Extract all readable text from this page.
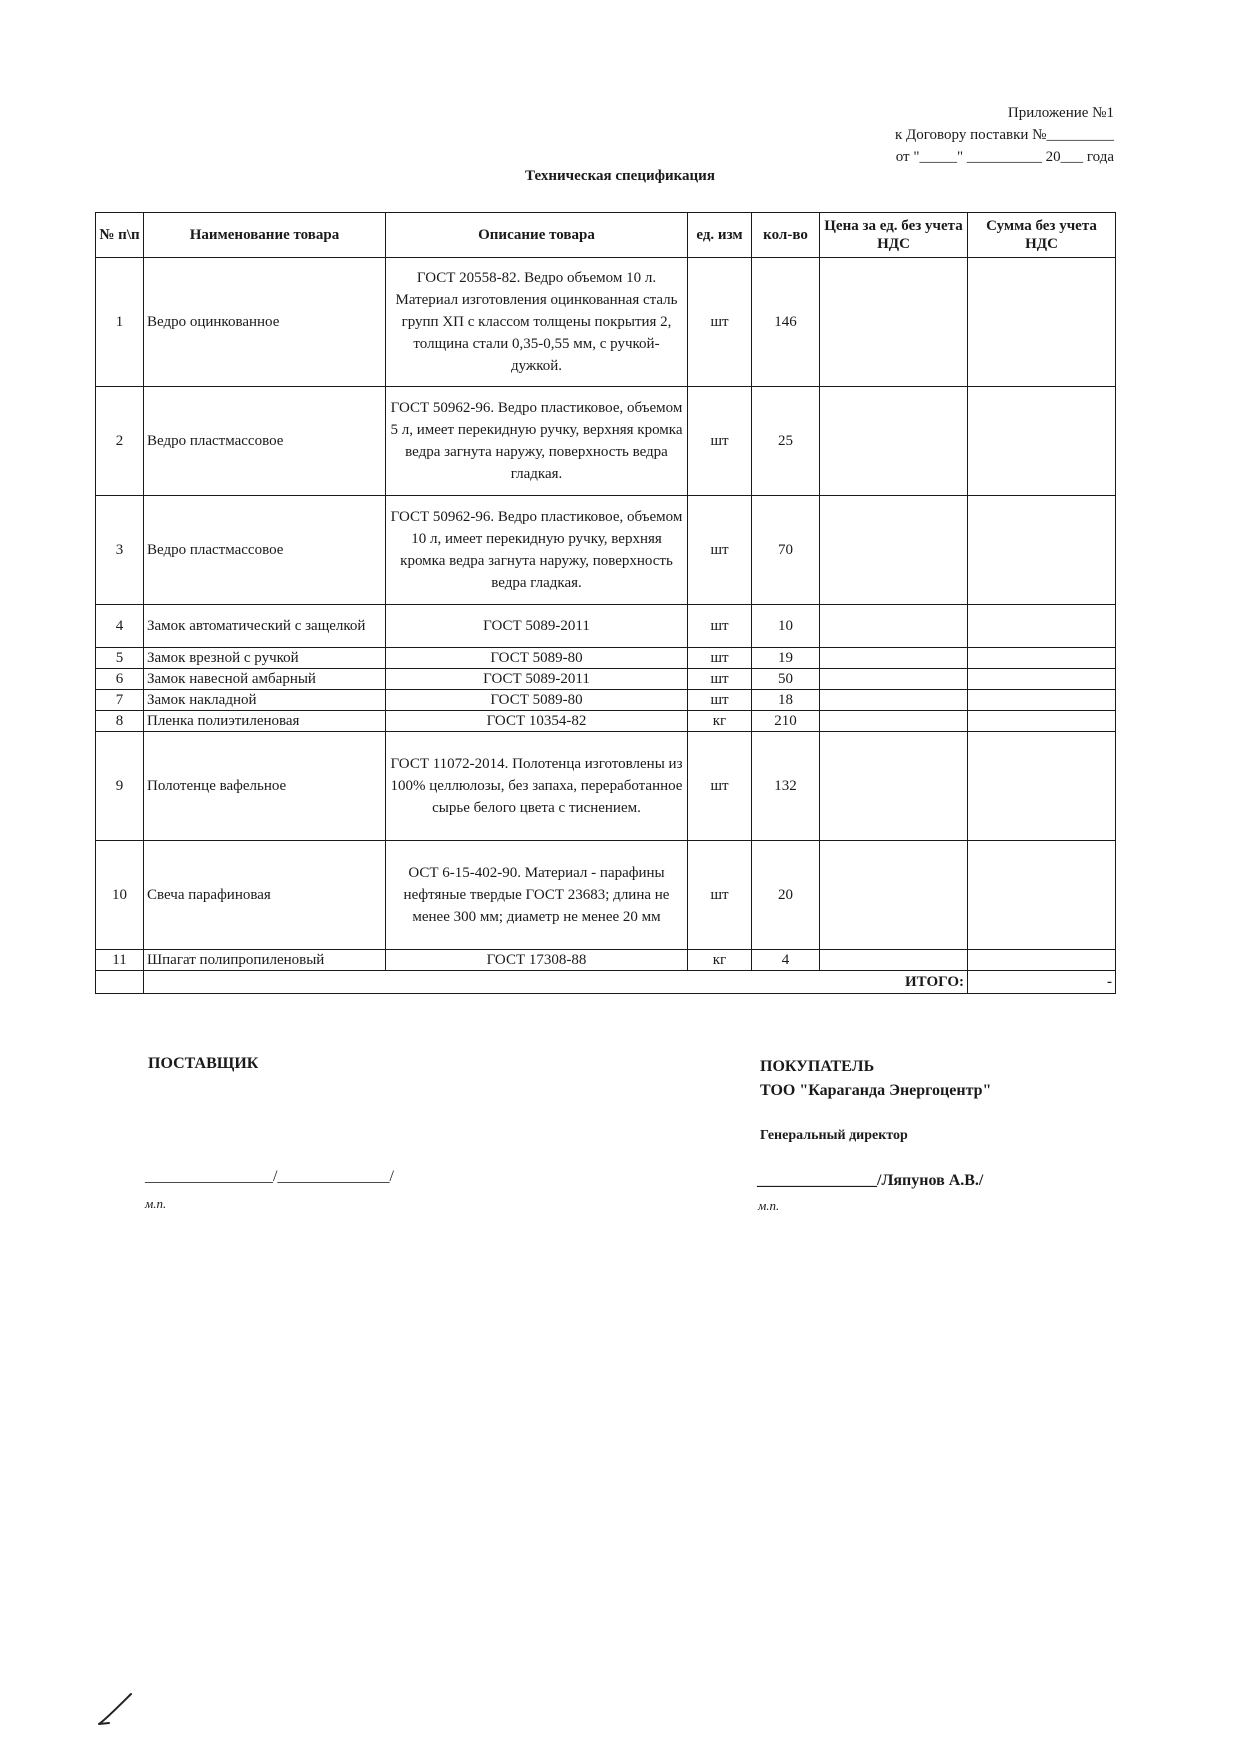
Приложение №1
к Договору поставки №_________
от "_____" __________ 20___ года
Техническая спецификация
№ п\п	Наименование товара	Описание товара	ед. изм	кол-во	Цена за ед. без учета НДС	Сумма без учета НДС
1	Ведро оцинкованное	ГОСТ 20558-82. Ведро объемом 10 л. Материал изготовления оцинкованная сталь групп ХП с классом толщены покрытия 2, толщина стали 0,35-0,55 мм, с ручкой-дужкой.	шт	146		
2	Ведро пластмассовое	ГОСТ 50962-96. Ведро пластиковое, объемом 5 л, имеет перекидную ручку, верхняя кромка ведра загнута наружу, поверхность ведра гладкая.	шт	25		
3	Ведро пластмассовое	ГОСТ 50962-96. Ведро пластиковое, объемом 10 л, имеет перекидную ручку, верхняя кромка ведра загнута наружу, поверхность ведра гладкая.	шт	70		
4	Замок автоматический с защелкой	ГОСТ 5089-2011	шт	10		
5	Замок врезной с ручкой	ГОСТ 5089-80	шт	19		
6	Замок навесной амбарный	ГОСТ 5089-2011	шт	50		
7	Замок накладной	ГОСТ 5089-80	шт	18		
8	Пленка полиэтиленовая	ГОСТ 10354-82	кг	210		
9	Полотенце вафельное	ГОСТ 11072-2014. Полотенца изготовлены из 100% целлюлозы, без запаха, переработанное сырье белого цвета с тиснением.	шт	132		
10	Свеча парафиновая	ОСТ 6-15-402-90. Материал - парафины нефтяные твердые ГОСТ 23683; длина не менее 300 мм; диаметр не менее 20 мм	шт	20		
11	Шпагат полипропиленовый	ГОСТ 17308-88	кг	4		
	ИТОГО:					-
ПОСТАВЩИК
________________/______________/
м.п.
ПОКУПАТЕЛЬ
ТОО "Караганда Энергоцентр"
Генеральный директор
_______________/Ляпунов А.В./
м.п.
